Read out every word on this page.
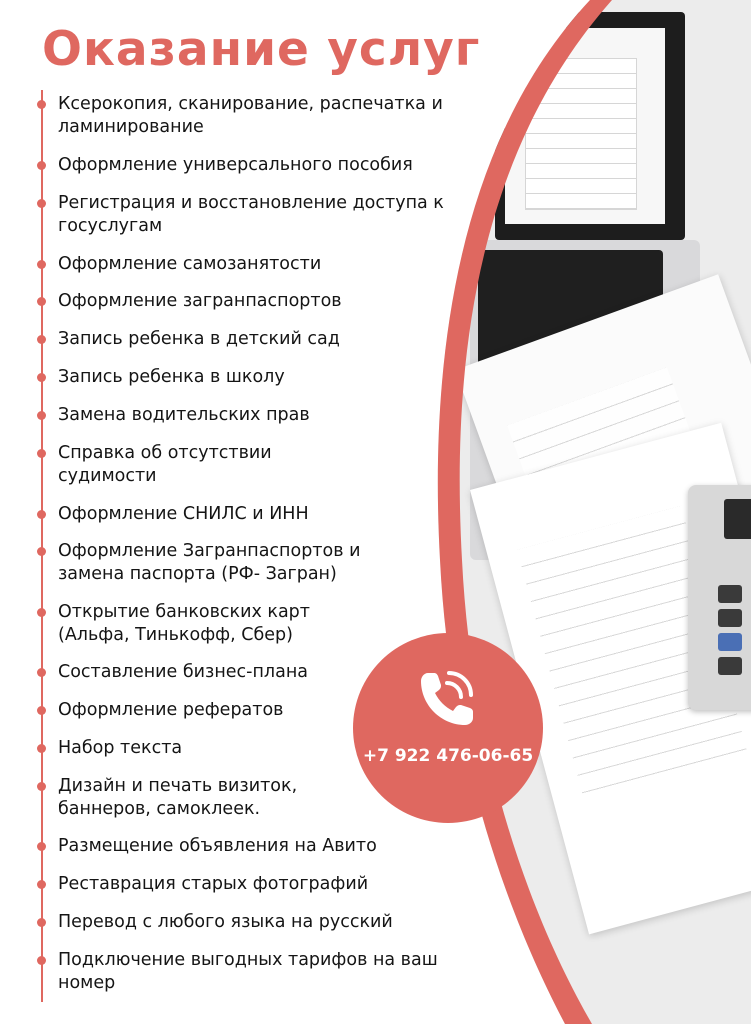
Оказание услуг
Ксерокопия, сканирование, распечатка и ламинирование
Оформление универсального пособия
Регистрация и восстановление доступа к госуслугам
Оформление самозанятости
Оформление загранпаспортов
Запись ребенка в детский сад
Запись ребенка в школу
Замена водительских прав
Справка об отсутствии судимости
Оформление СНИЛС и ИНН
Оформление Загранпаспортов и замена паспорта (РФ- Загран)
Открытие банковских карт (Альфа, Тинькофф, Сбер)
Составление бизнес-плана
Оформление рефератов
Набор текста
Дизайн и печать визиток, баннеров, самоклеек.
Размещение объявления на Авито
Реставрация старых фотографий
Перевод с любого языка на русский
Подключение выгодных тарифов на ваш номер
+7 922 476-06-65
